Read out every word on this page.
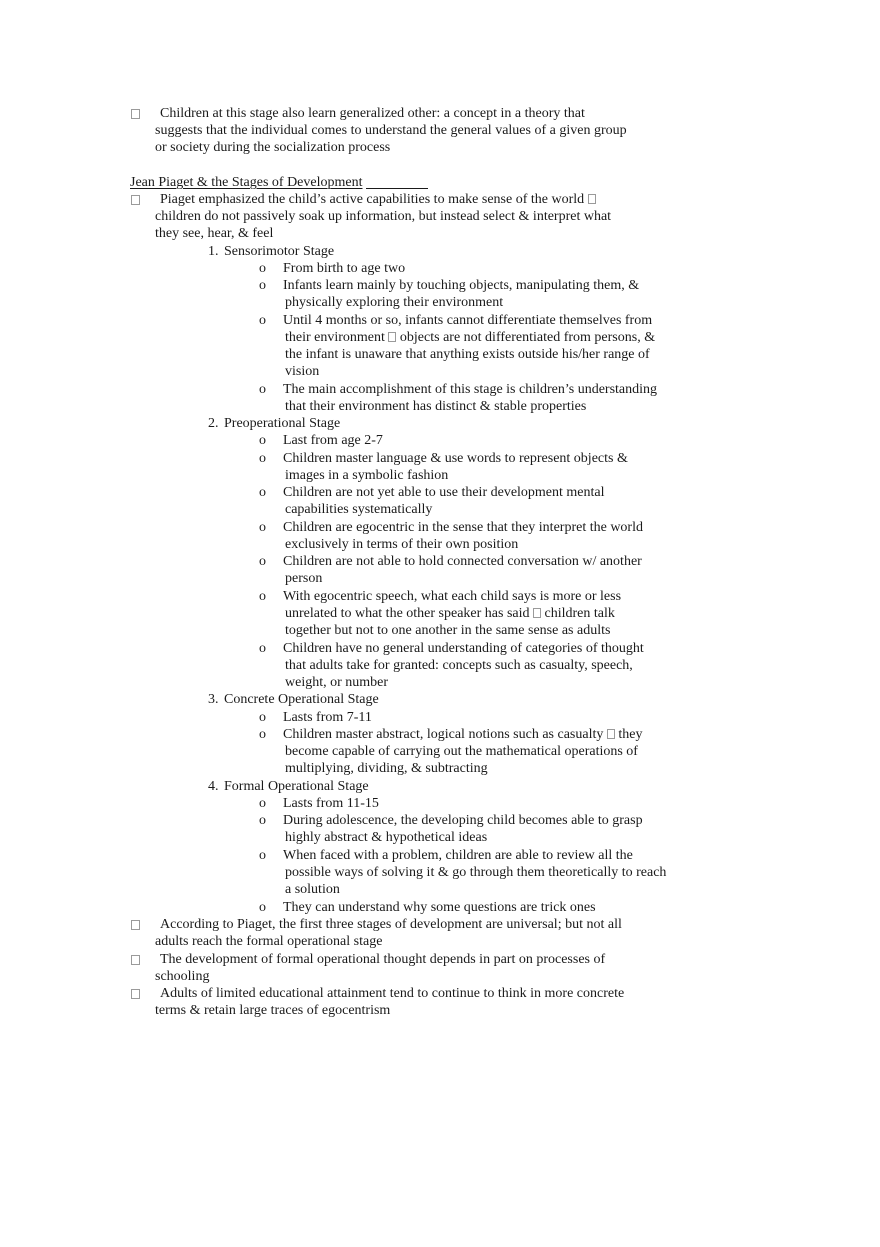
Children at this stage also learn generalized other: a concept in a theory that
suggests that the individual comes to understand the general values of a given group
or society during the socialization process
Jean Piaget & the Stages of Development
Piaget emphasized the child’s active capabilities to make sense of the world
children do not passively soak up information, but instead select & interpret what
they see, hear, & feel
1. Sensorimotor Stage
o From birth to age two
o Infants learn mainly by touching objects, manipulating them, &
physically exploring their environment
o Until 4 months or so, infants cannot differentiate themselves from
their environment objects are not differentiated from persons, &
the infant is unaware that anything exists outside his/her range of
vision
o The main accomplishment of this stage is children’s understanding
that their environment has distinct & stable properties
2. Preoperational Stage
o Last from age 2-7
o Children master language & use words to represent objects &
images in a symbolic fashion
o Children are not yet able to use their development mental
capabilities systematically
o Children are egocentric in the sense that they interpret the world
exclusively in terms of their own position
o Children are not able to hold connected conversation w/ another
person
o With egocentric speech, what each child says is more or less
unrelated to what the other speaker has said children talk
together but not to one another in the same sense as adults
o Children have no general understanding of categories of thought
that adults take for granted: concepts such as casualty, speech,
weight, or number
3. Concrete Operational Stage
o Lasts from 7-11
o Children master abstract, logical notions such as casualty they
become capable of carrying out the mathematical operations of
multiplying, dividing, & subtracting
4. Formal Operational Stage
o Lasts from 11-15
o During adolescence, the developing child becomes able to grasp
highly abstract & hypothetical ideas
o When faced with a problem, children are able to review all the
possible ways of solving it & go through them theoretically to reach
a solution
o They can understand why some questions are trick ones
According to Piaget, the first three stages of development are universal; but not all
adults reach the formal operational stage
The development of formal operational thought depends in part on processes of
schooling
Adults of limited educational attainment tend to continue to think in more concrete
terms & retain large traces of egocentrism
